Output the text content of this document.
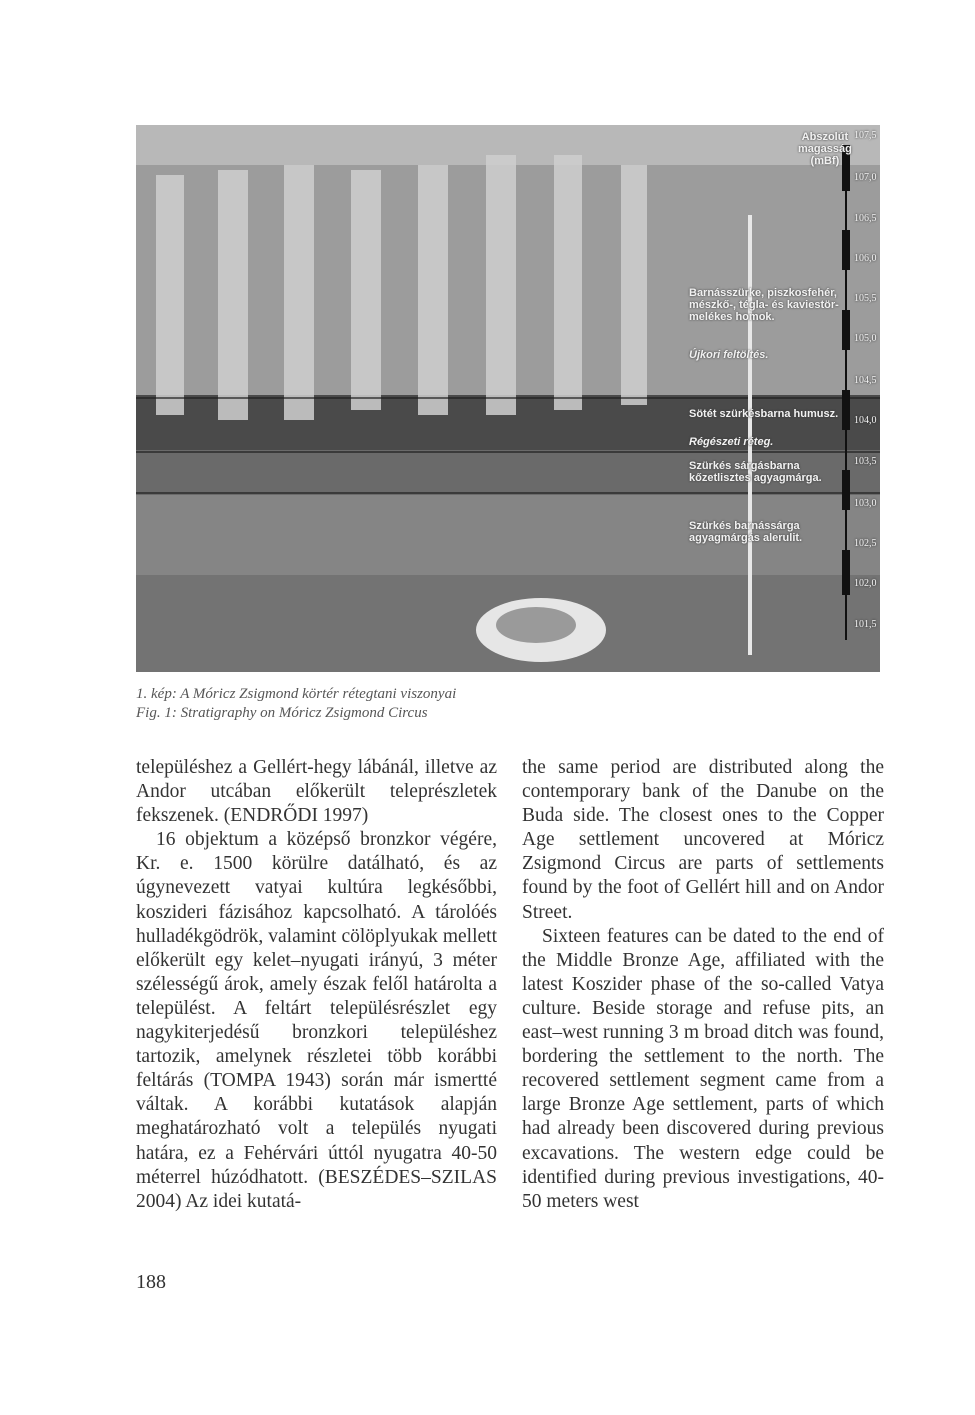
Abszolút
magasság
(mBf)
Barnásszürke, piszkosfehér,
mészkő-, tégla- és kaviestör-
melékes homok.
Újkori feltöltés.
Sötét szürkésbarna humusz.
Régészeti réteg.
Szürkés sárgásbarna
kőzetlisztes agyagmárga.
Szürkés barnássárga
agyagmárgás alerulit.
107,5
107,0
106,5
106,0
105,5
105,0
104,5
104,0
103,5
103,0
102,5
102,0
101,5
1. kép: A Móricz Zsigmond körtér rétegtani viszonyai
Fig. 1: Stratigraphy on Móricz Zsigmond Circus

településhez a Gellért-hegy lábánál, illetve az Andor utcában előkerült teleprészletek fekszenek. (ENDRŐDI 1997)

16 objektum a középső bronzkor végére, Kr. e. 1500 körülre datálható, és az úgynevezett vatyai kultúra legkésőbbi, koszideri fázisához kapcsolható. A tárolóés hulladékgödrök, valamint cölöplyukak mellett előkerült egy kelet–nyugati irányú, 3 méter szélességű árok, amely észak felől határolta a települést. A feltárt településrészlet egy nagykiterjedésű bronzkori településhez tartozik, amelynek részletei több korábbi feltárás (TOMPA 1943) során már ismertté váltak. A korábbi kutatások alapján meghatározható volt a település nyugati határa, ez a Fehérvári úttól nyugatra 40-50 méterrel húzódhatott. (BESZÉDES–SZILAS 2004) Az idei kutatá-

the same period are distributed along the contemporary bank of the Danube on the Buda side. The closest ones to the Copper Age settlement uncovered at Móricz Zsigmond Circus are parts of settlements found by the foot of Gellért hill and on Andor Street.

Sixteen features can be dated to the end of the Middle Bronze Age, affiliated with the latest Koszider phase of the so-called Vatya culture. Beside storage and refuse pits, an east–west running 3 m broad ditch was found, bordering the settlement to the north. The recovered settlement segment came from a large Bronze Age settlement, parts of which had already been discovered during previous excavations. The western edge could be identified during previous investigations, 40-50 meters west

188
